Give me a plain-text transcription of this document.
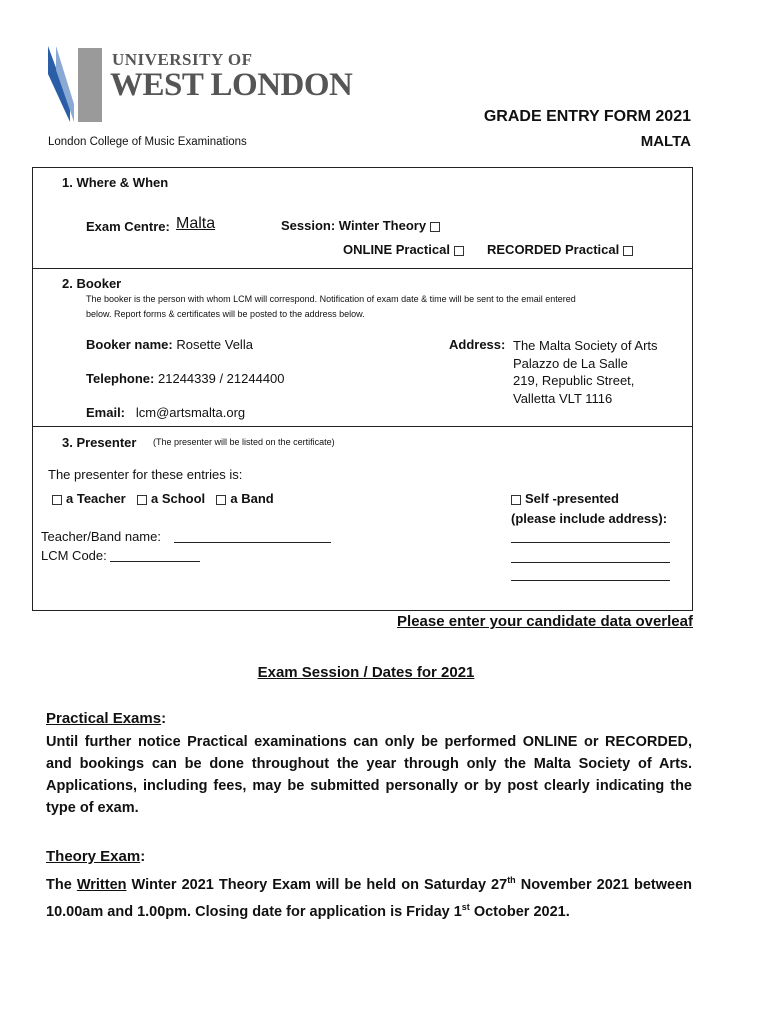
UNIVERSITY OF
WEST LONDON
London College of Music Examinations
GRADE ENTRY FORM 2021
MALTA
1. Where & When
Exam Centre: Malta	Session: Winter Theory
ONLINE Practical	RECORDED Practical
2. Booker
The booker is the person with whom LCM will correspond. Notification of exam date & time will be sent to the email entered
below. Report forms & certificates will be posted to the address below.
Booker name: Rosette Vella
Telephone: 21244339 / 21244400
Email: lcm@artsmalta.org
Address: The Malta Society of Arts
Palazzo de La Salle
219, Republic Street,
Valletta VLT 1116
3. Presenter (The presenter will be listed on the certificate)
The presenter for these entries is:
a Teacher a School a Band	Self -presented
(please include address):
Teacher/Band name:
LCM Code:
Please enter your candidate data overleaf
Exam Session / Dates for 2021
Practical Exams:
Until further notice Practical examinations can only be performed ONLINE or RECORDED, and bookings can be done throughout the year through only the Malta Society of Arts. Applications, including fees, may be submitted personally or by post clearly indicating the type of exam.
Theory Exam:
The Written Winter 2021 Theory Exam will be held on Saturday 27th November 2021 between 10.00am and 1.00pm. Closing date for application is Friday 1st October 2021.
